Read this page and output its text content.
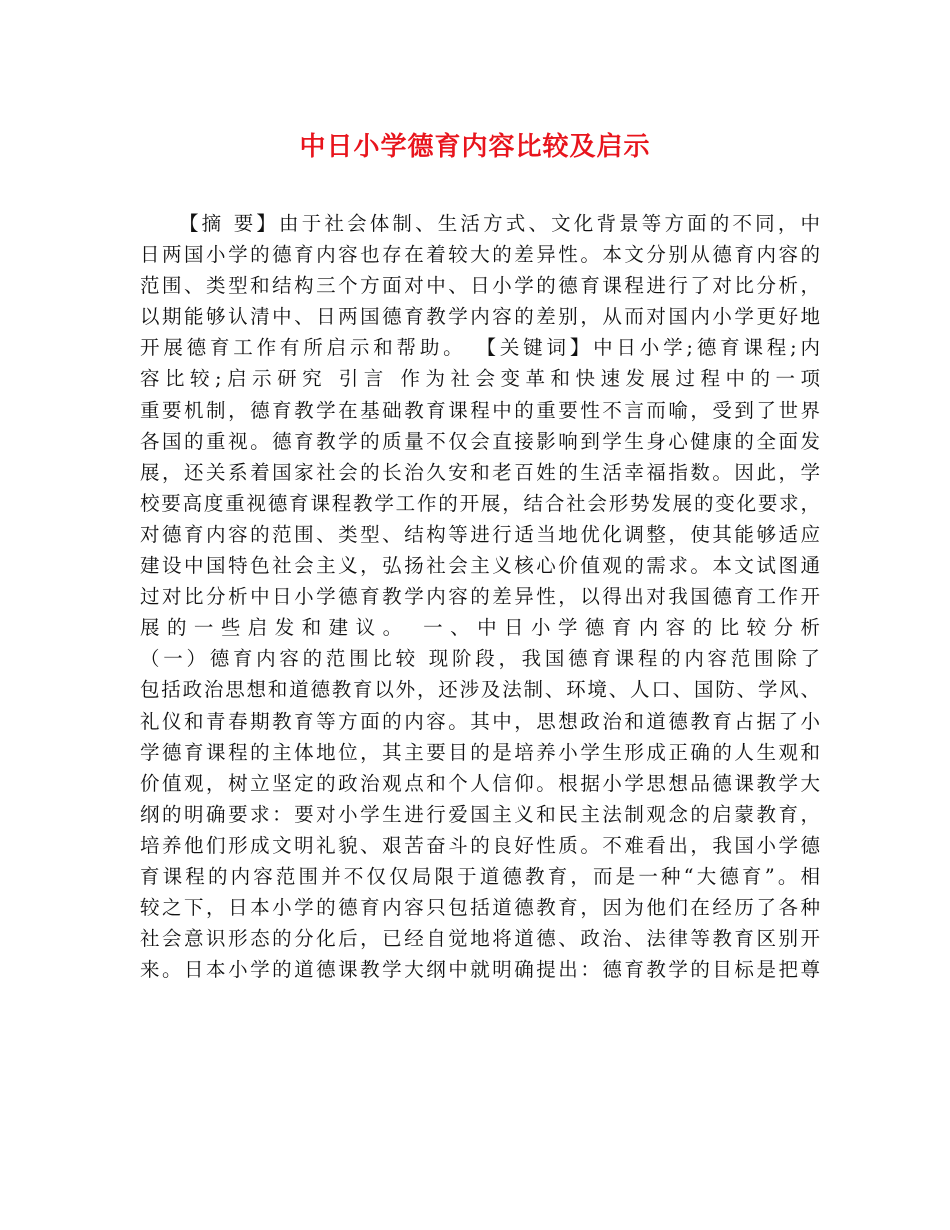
中日小学德育内容比较及启示
【摘 要】由于社会体制、生活方式、文化背景等方面的不同，中
日两国小学的德育内容也存在着较大的差异性。本文分别从德育内容的
范围、类型和结构三个方面对中、日小学的德育课程进行了对比分析，
以期能够认清中、日两国德育教学内容的差别，从而对国内小学更好地
开展德育工作有所启示和帮助。 【关键词】中日小学;德育课程;内
容比较;启示研究 引言 作为社会变革和快速发展过程中的一项
重要机制，德育教学在基础教育课程中的重要性不言而喻，受到了世界
各国的重视。德育教学的质量不仅会直接影响到学生身心健康的全面发
展，还关系着国家社会的长治久安和老百姓的生活幸福指数。因此，学
校要高度重视德育课程教学工作的开展，结合社会形势发展的变化要求，
对德育内容的范围、类型、结构等进行适当地优化调整，使其能够适应
建设中国特色社会主义，弘扬社会主义核心价值观的需求。本文试图通
过对比分析中日小学德育教学内容的差异性，以得出对我国德育工作开
展的一些启发和建议。 一、中日小学德育内容的比较分析
（一）德育内容的范围比较 现阶段，我国德育课程的内容范围除了
包括政治思想和道德教育以外，还涉及法制、环境、人口、国防、学风、
礼仪和青春期教育等方面的内容。其中，思想政治和道德教育占据了小
学德育课程的主体地位，其主要目的是培养小学生形成正确的人生观和
价值观，树立坚定的政治观点和个人信仰。根据小学思想品德课教学大
纲的明确要求：要对小学生进行爱国主义和民主法制观念的启蒙教育，
培养他们形成文明礼貌、艰苦奋斗的良好性质。不难看出，我国小学德
育课程的内容范围并不仅仅局限于道德教育，而是一种“大德育”。相
较之下，日本小学的德育内容只包括道德教育，因为他们在经历了各种
社会意识形态的分化后，已经自觉地将道德、政治、法律等教育区别开
来。日本小学的道德课教学大纲中就明确提出：德育教学的目标是把尊
